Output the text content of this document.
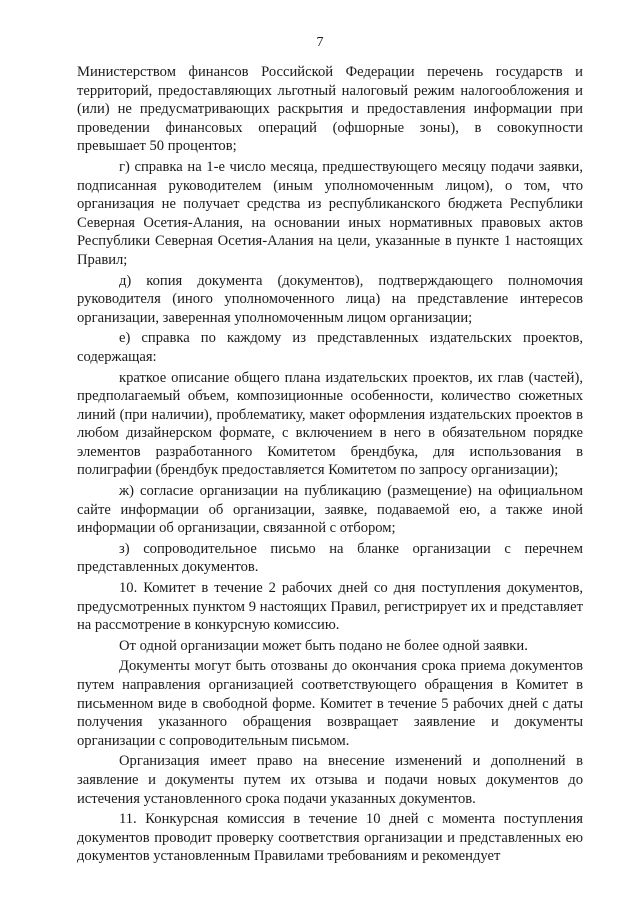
7

Министерством финансов Российской Федерации перечень государств и территорий, предоставляющих льготный налоговый режим налогообложения и (или) не предусматривающих раскрытия и предоставления информации при проведении финансовых операций (офшорные зоны), в совокупности превышает 50 процентов;

г) справка на 1-е число месяца, предшествующего месяцу подачи заявки, подписанная руководителем (иным уполномоченным лицом), о том, что организация не получает средства из республиканского бюджета Республики Северная Осетия-Алания, на основании иных нормативных правовых актов Республики Северная Осетия-Алания на цели, указанные в пункте 1 настоящих Правил;

д) копия документа (документов), подтверждающего полномочия руководителя (иного уполномоченного лица) на представление интересов организации, заверенная уполномоченным лицом организации;

е) справка по каждому из представленных издательских проектов, содержащая:

краткое описание общего плана издательских проектов, их глав (частей), предполагаемый объем, композиционные особенности, количество сюжетных линий (при наличии), проблематику, макет оформления издательских проектов в любом дизайнерском формате, с включением в него в обязательном порядке элементов разработанного Комитетом брендбука, для использования в полиграфии (брендбук предоставляется Комитетом по запросу организации);

ж) согласие организации на публикацию (размещение) на официальном сайте информации об организации, заявке, подаваемой ею, а также иной информации об организации, связанной с отбором;

з) сопроводительное письмо на бланке организации с перечнем представленных документов.

10. Комитет в течение 2 рабочих дней со дня поступления документов, предусмотренных пунктом 9 настоящих Правил, регистрирует их и представляет на рассмотрение в конкурсную комиссию.

От одной организации может быть подано не более одной заявки.

Документы могут быть отозваны до окончания срока приема документов путем направления организацией соответствующего обращения в Комитет в письменном виде в свободной форме. Комитет в течение 5 рабочих дней с даты получения указанного обращения возвращает заявление и документы организации с сопроводительным письмом.

Организация имеет право на внесение изменений и дополнений в заявление и документы путем их отзыва и подачи новых документов до истечения установленного срока подачи указанных документов.

11. Конкурсная комиссия в течение 10 дней с момента поступления документов проводит проверку соответствия организации и представленных ею документов установленным Правилами требованиям и рекомендует
